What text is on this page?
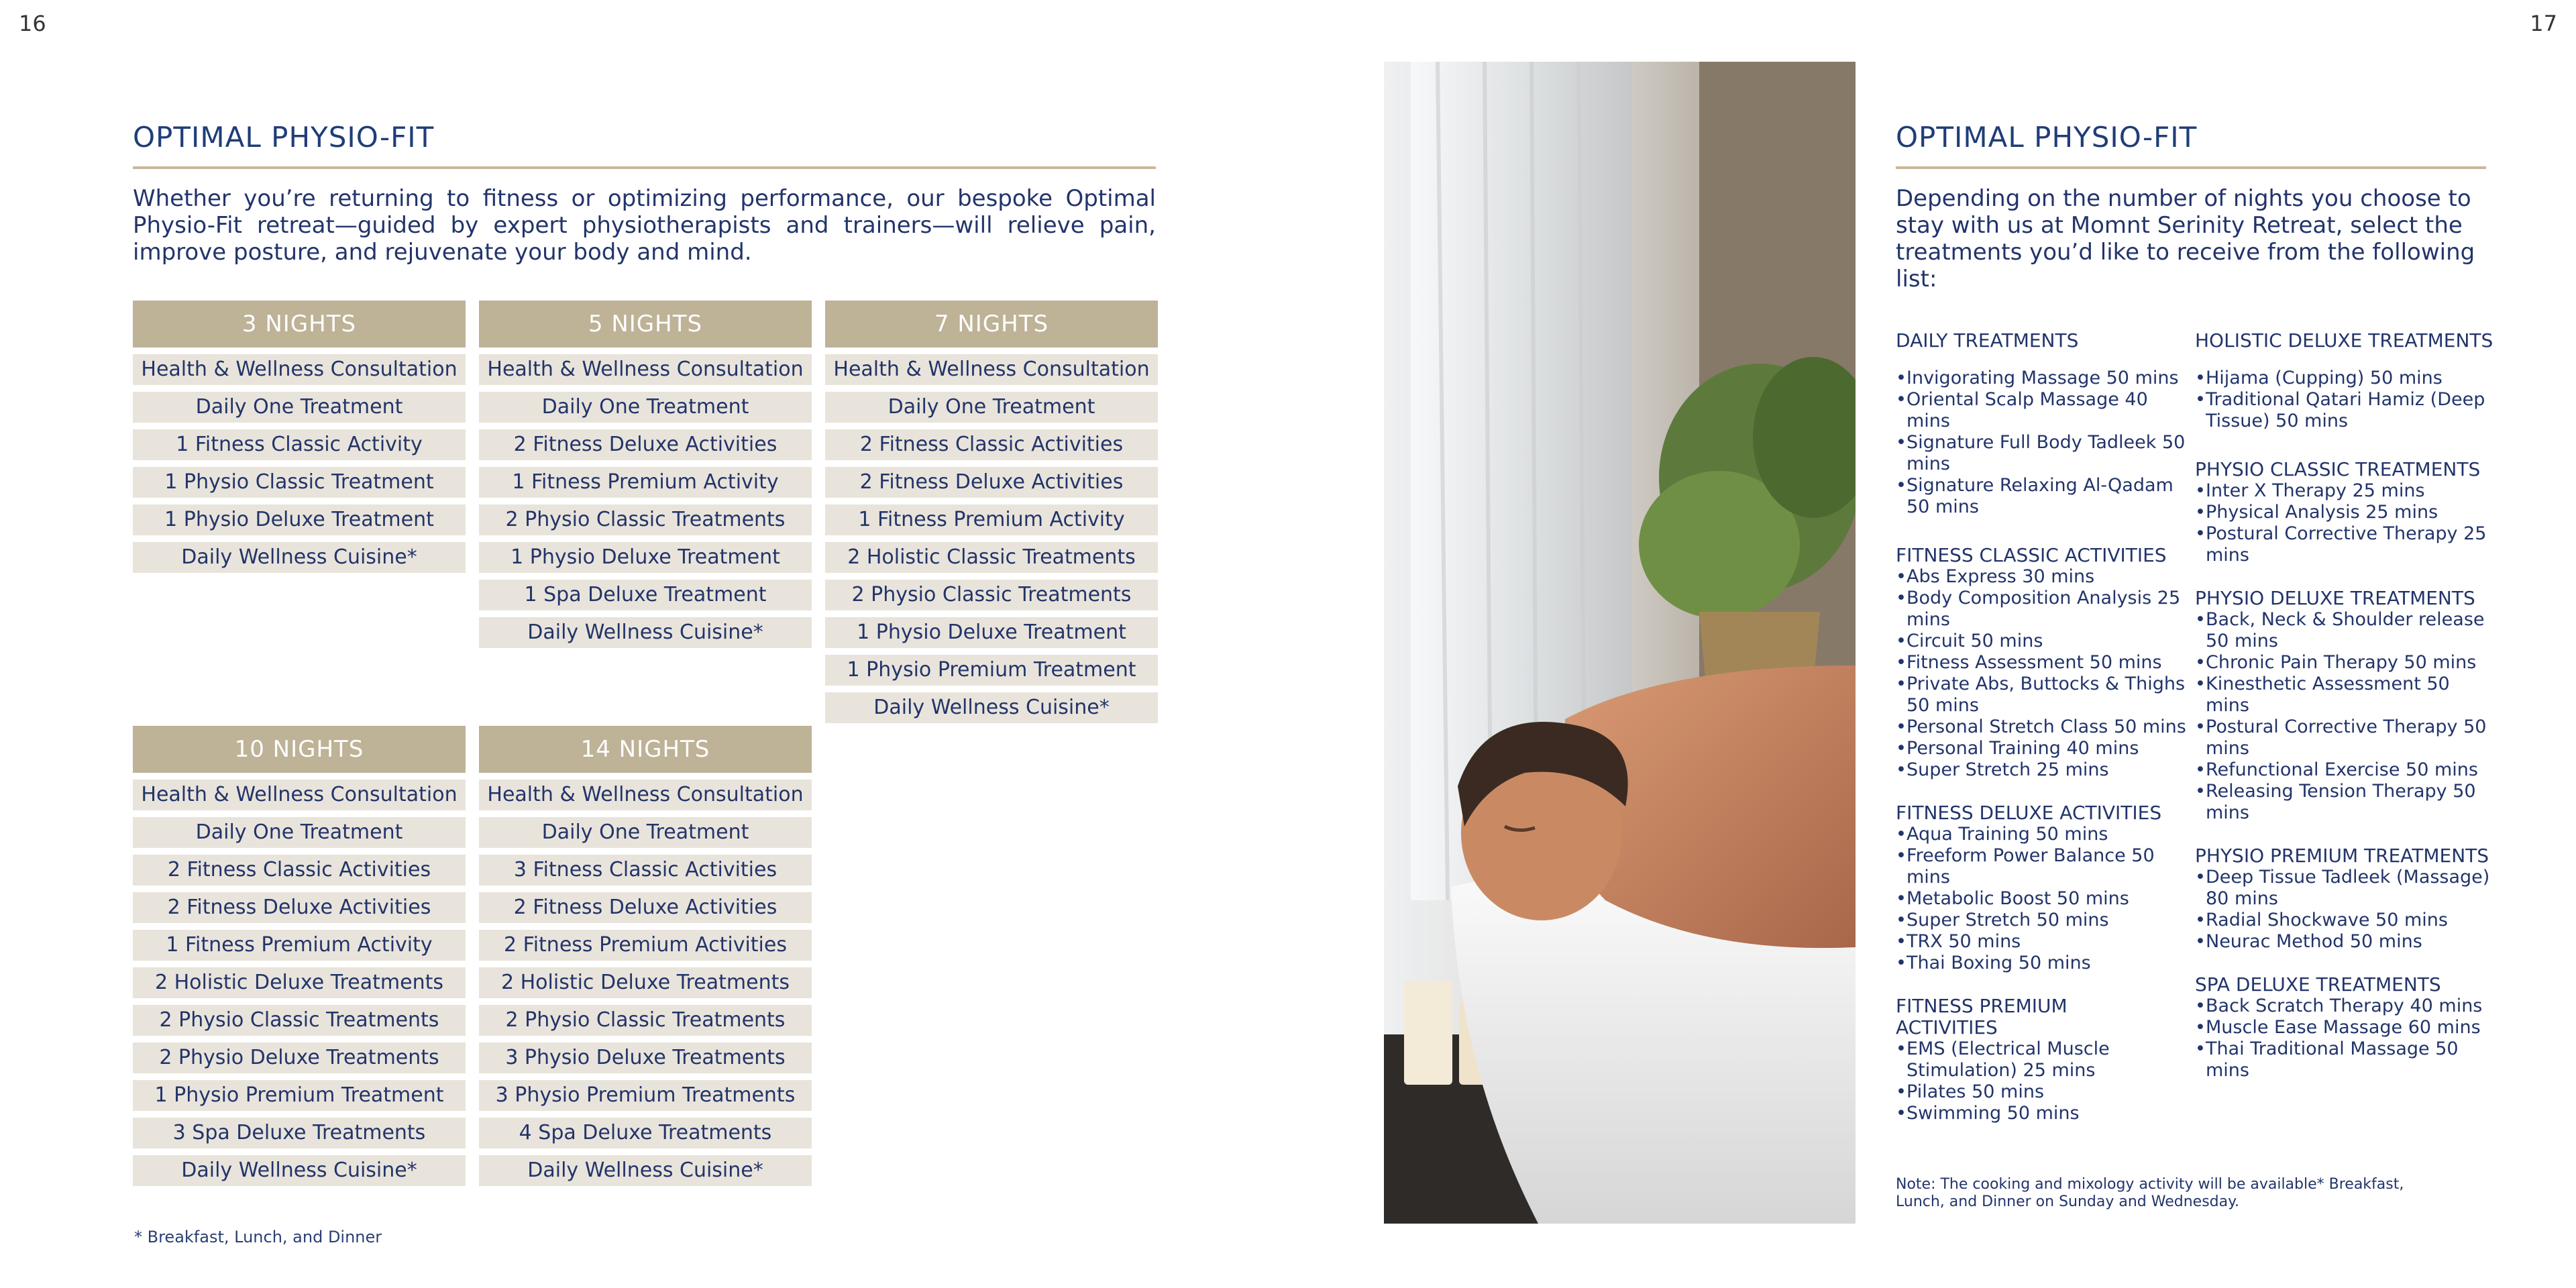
16
OPTIMAL PHYSIO-FIT

Whether you’re returning to fitness or optimizing performance, our bespoke Optimal Physio-Fit retreat—guided by expert physiotherapists and trainers—will relieve pain, improve posture, and rejuvenate your body and mind.

3 NIGHTS
Health & Wellness Consultation
Daily One Treatment
1 Fitness Classic Activity
1 Physio Classic Treatment
1 Physio Deluxe Treatment
Daily Wellness Cuisine*
5 NIGHTS
Health & Wellness Consultation
Daily One Treatment
2 Fitness Deluxe Activities
1 Fitness Premium Activity
2 Physio Classic Treatments
1 Physio Deluxe Treatment
1 Spa Deluxe Treatment
Daily Wellness Cuisine*
7 NIGHTS
Health & Wellness Consultation
Daily One Treatment
2 Fitness Classic Activities
2 Fitness Deluxe Activities
1 Fitness Premium Activity
2 Holistic Classic Treatments
2 Physio Classic Treatments
1 Physio Deluxe Treatment
1 Physio Premium Treatment
Daily Wellness Cuisine*
10 NIGHTS
Health & Wellness Consultation
Daily One Treatment
2 Fitness Classic Activities
2 Fitness Deluxe Activities
1 Fitness Premium Activity
2 Holistic Deluxe Treatments
2 Physio Classic Treatments
2 Physio Deluxe Treatments
1 Physio Premium Treatment
3 Spa Deluxe Treatments
Daily Wellness Cuisine*
14 NIGHTS
Health & Wellness Consultation
Daily One Treatment
3 Fitness Classic Activities
2 Fitness Deluxe Activities
2 Fitness Premium Activities
2 Holistic Deluxe Treatments
2 Physio Classic Treatments
3 Physio Deluxe Treatments
3 Physio Premium Treatments
4 Spa Deluxe Treatments
Daily Wellness Cuisine*
* Breakfast, Lunch, and Dinner
17
OPTIMAL PHYSIO-FIT

Depending on the number of nights you choose to stay with us at Momnt Serinity Retreat, select the treatments you’d like to receive from the following list:

DAILY TREATMENTS
• Invigorating Massage 50 mins
• Oriental Scalp Massage 40 mins
• Signature Full Body Tadleek 50 mins
• Signature Relaxing Al-Qadam 50 mins
FITNESS CLASSIC ACTIVITIES
• Abs Express 30 mins
• Body Composition Analysis 25 mins
• Circuit 50 mins
• Fitness Assessment 50 mins
• Private Abs, Buttocks & Thighs 50 mins
• Personal Stretch Class 50 mins
• Personal Training 40 mins
• Super Stretch 25 mins
FITNESS DELUXE ACTIVITIES
• Aqua Training 50 mins
• Freeform Power Balance 50 mins
• Metabolic Boost 50 mins
• Super Stretch 50 mins
• TRX 50 mins
• Thai Boxing 50 mins
FITNESS PREMIUM ACTIVITIES
• EMS (Electrical Muscle Stimulation) 25 mins
• Pilates 50 mins
• Swimming 50 mins
HOLISTIC DELUXE TREATMENTS
• Hijama (Cupping) 50 mins
• Traditional Qatari Hamiz (Deep Tissue) 50 mins
PHYSIO CLASSIC TREATMENTS
• Inter X Therapy 25 mins
• Physical Analysis 25 mins
• Postural Corrective Therapy 25 mins
PHYSIO DELUXE TREATMENTS
• Back, Neck & Shoulder release 50 mins
• Chronic Pain Therapy 50 mins
• Kinesthetic Assessment 50 mins
• Postural Corrective Therapy 50 mins
• Refunctional Exercise 50 mins
• Releasing Tension Therapy 50 mins
PHYSIO PREMIUM TREATMENTS
• Deep Tissue Tadleek (Massage) 80 mins
• Radial Shockwave 50 mins
• Neurac Method 50 mins
SPA DELUXE TREATMENTS
• Back Scratch Therapy 40 mins
• Muscle Ease Massage 60 mins
• Thai Traditional Massage 50 mins

Note: The cooking and mixology activity will be available* Breakfast, Lunch, and Dinner on Sunday and Wednesday.
